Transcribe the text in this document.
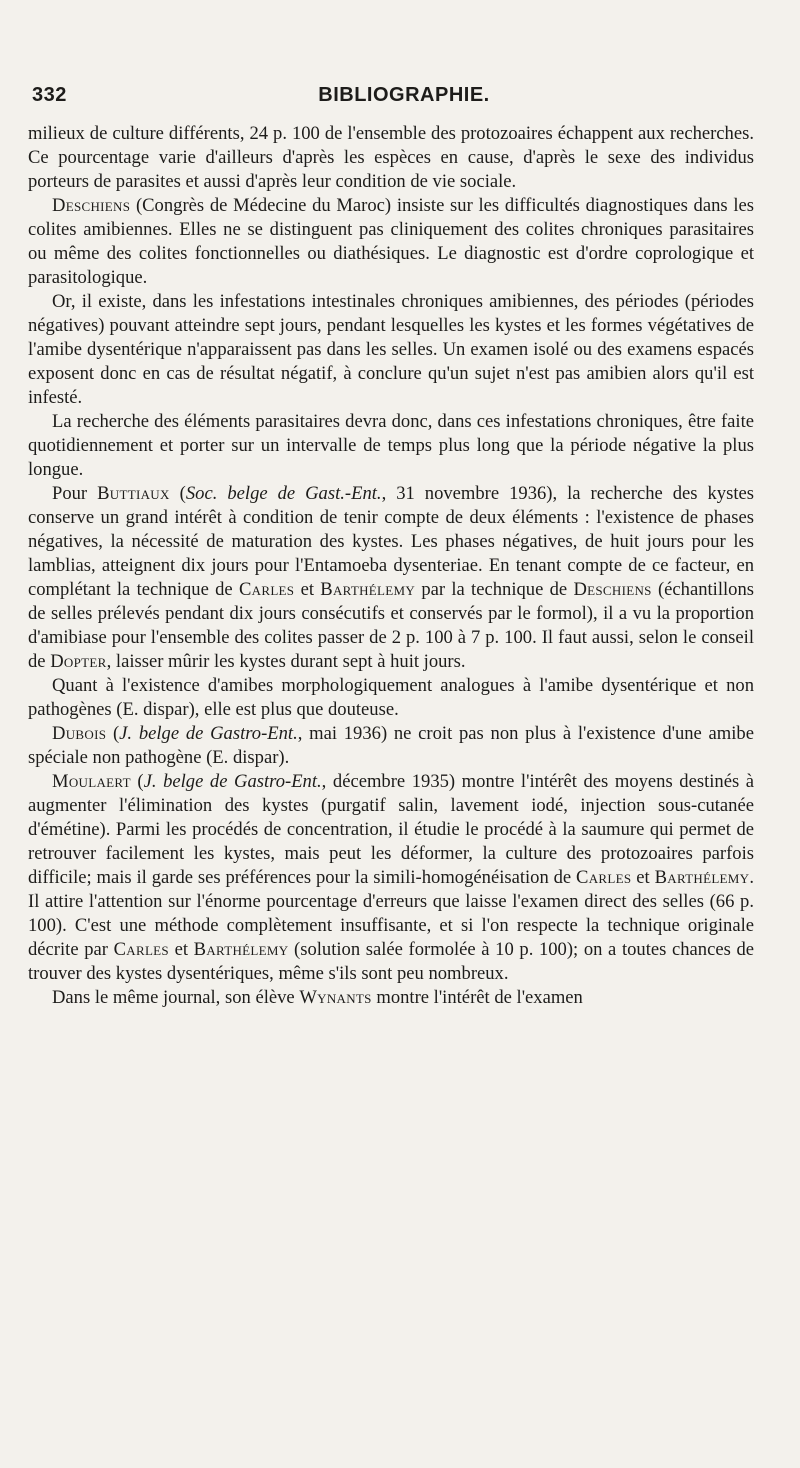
332	BIBLIOGRAPHIE.

milieux de culture différents, 24 p. 100 de l'ensemble des protozoaires échappent aux recherches. Ce pourcentage varie d'ailleurs d'après les espèces en cause, d'après le sexe des individus porteurs de parasites et aussi d'après leur condition de vie sociale.

Deschiens (Congrès de Médecine du Maroc) insiste sur les difficultés diagnostiques dans les colites amibiennes. Elles ne se distinguent pas cliniquement des colites chroniques parasitaires ou même des colites fonctionnelles ou diathésiques. Le diagnostic est d'ordre coprologique et parasitologique.

Or, il existe, dans les infestations intestinales chroniques amibiennes, des périodes (périodes négatives) pouvant atteindre sept jours, pendant lesquelles les kystes et les formes végétatives de l'amibe dysentérique n'apparaissent pas dans les selles. Un examen isolé ou des examens espacés exposent donc en cas de résultat négatif, à conclure qu'un sujet n'est pas amibien alors qu'il est infesté.

La recherche des éléments parasitaires devra donc, dans ces infestations chroniques, être faite quotidiennement et porter sur un intervalle de temps plus long que la période négative la plus longue.

Pour Buttiaux (Soc. belge de Gast.-Ent., 31 novembre 1936), la recherche des kystes conserve un grand intérêt à condition de tenir compte de deux éléments : l'existence de phases négatives, la nécessité de maturation des kystes. Les phases négatives, de huit jours pour les lamblias, atteignent dix jours pour l'Entamoeba dysenteriae. En tenant compte de ce facteur, en complétant la technique de Carles et Barthélemy par la technique de Deschiens (échantillons de selles prélevés pendant dix jours consécutifs et conservés par le formol), il a vu la proportion d'amibiase pour l'ensemble des colites passer de 2 p. 100 à 7 p. 100. Il faut aussi, selon le conseil de Dopter, laisser mûrir les kystes durant sept à huit jours.

Quant à l'existence d'amibes morphologiquement analogues à l'amibe dysentérique et non pathogènes (E. dispar), elle est plus que douteuse.

Dubois (J. belge de Gastro-Ent., mai 1936) ne croit pas non plus à l'existence d'une amibe spéciale non pathogène (E. dispar).

Moulaert (J. belge de Gastro-Ent., décembre 1935) montre l'intérêt des moyens destinés à augmenter l'élimination des kystes (purgatif salin, lavement iodé, injection sous-cutanée d'émétine). Parmi les procédés de concentration, il étudie le procédé à la saumure qui permet de retrouver facilement les kystes, mais peut les déformer, la culture des protozoaires parfois difficile; mais il garde ses préférences pour la simili-homogénéisation de Carles et Barthélemy. Il attire l'attention sur l'énorme pourcentage d'erreurs que laisse l'examen direct des selles (66 p. 100). C'est une méthode complètement insuffisante, et si l'on respecte la technique originale décrite par Carles et Barthélemy (solution salée formolée à 10 p. 100); on a toutes chances de trouver des kystes dysentériques, même s'ils sont peu nombreux.

Dans le même journal, son élève Wynants montre l'intérêt de l'examen
